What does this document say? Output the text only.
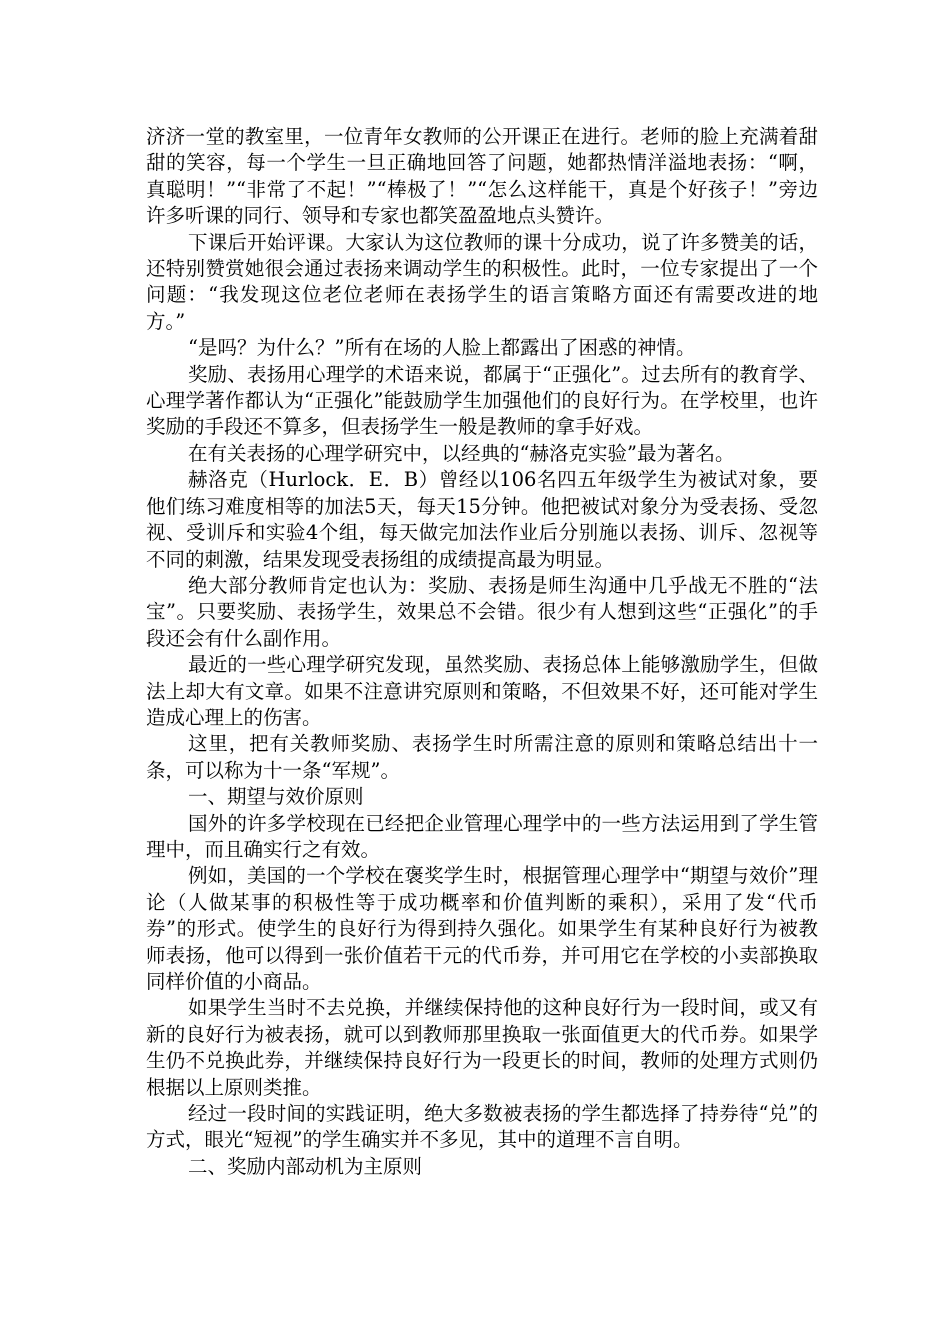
济济一堂的教室里，一位青年女教师的公开课正在进行。老师的脸上充满着甜甜的笑容，每一个学生一旦正确地回答了问题，她都热情洋溢地表扬：“啊，真聪明！”“非常了不起！”“棒极了！”“怎么这样能干，真是个好孩子！”旁边许多听课的同行、领导和专家也都笑盈盈地点头赞许。

下课后开始评课。大家认为这位教师的课十分成功，说了许多赞美的话，还特别赞赏她很会通过表扬来调动学生的积极性。此时，一位专家提出了一个问题：“我发现这位老位老师在表扬学生的语言策略方面还有需要改进的地方。”

“是吗？为什么？”所有在场的人脸上都露出了困惑的神情。

奖励、表扬用心理学的术语来说，都属于“正强化”。过去所有的教育学、心理学著作都认为“正强化”能鼓励学生加强他们的良好行为。在学校里，也许奖励的手段还不算多，但表扬学生一般是教师的拿手好戏。

在有关表扬的心理学研究中，以经典的“赫洛克实验”最为著名。

赫洛克（Hurlock．E．B）曾经以106名四五年级学生为被试对象，要他们练习难度相等的加法5天，每天15分钟。他把被试对象分为受表扬、受忽视、受训斥和实验4个组，每天做完加法作业后分别施以表扬、训斥、忽视等不同的刺激，结果发现受表扬组的成绩提高最为明显。

绝大部分教师肯定也认为：奖励、表扬是师生沟通中几乎战无不胜的“法宝”。只要奖励、表扬学生，效果总不会错。很少有人想到这些“正强化”的手段还会有什么副作用。

最近的一些心理学研究发现，虽然奖励、表扬总体上能够激励学生，但做法上却大有文章。如果不注意讲究原则和策略，不但效果不好，还可能对学生造成心理上的伤害。

这里，把有关教师奖励、表扬学生时所需注意的原则和策略总结出十一条，可以称为十一条“军规”。

一、期望与效价原则

国外的许多学校现在已经把企业管理心理学中的一些方法运用到了学生管理中，而且确实行之有效。

例如，美国的一个学校在褒奖学生时，根据管理心理学中“期望与效价”理论（人做某事的积极性等于成功概率和价值判断的乘积），采用了发“代币券”的形式。使学生的良好行为得到持久强化。如果学生有某种良好行为被教师表扬，他可以得到一张价值若干元的代币券，并可用它在学校的小卖部换取同样价值的小商品。

如果学生当时不去兑换，并继续保持他的这种良好行为一段时间，或又有新的良好行为被表扬，就可以到教师那里换取一张面值更大的代币券。如果学生仍不兑换此券，并继续保持良好行为一段更长的时间，教师的处理方式则仍根据以上原则类推。

经过一段时间的实践证明，绝大多数被表扬的学生都选择了持券待“兑”的方式，眼光“短视”的学生确实并不多见，其中的道理不言自明。

二、奖励内部动机为主原则
